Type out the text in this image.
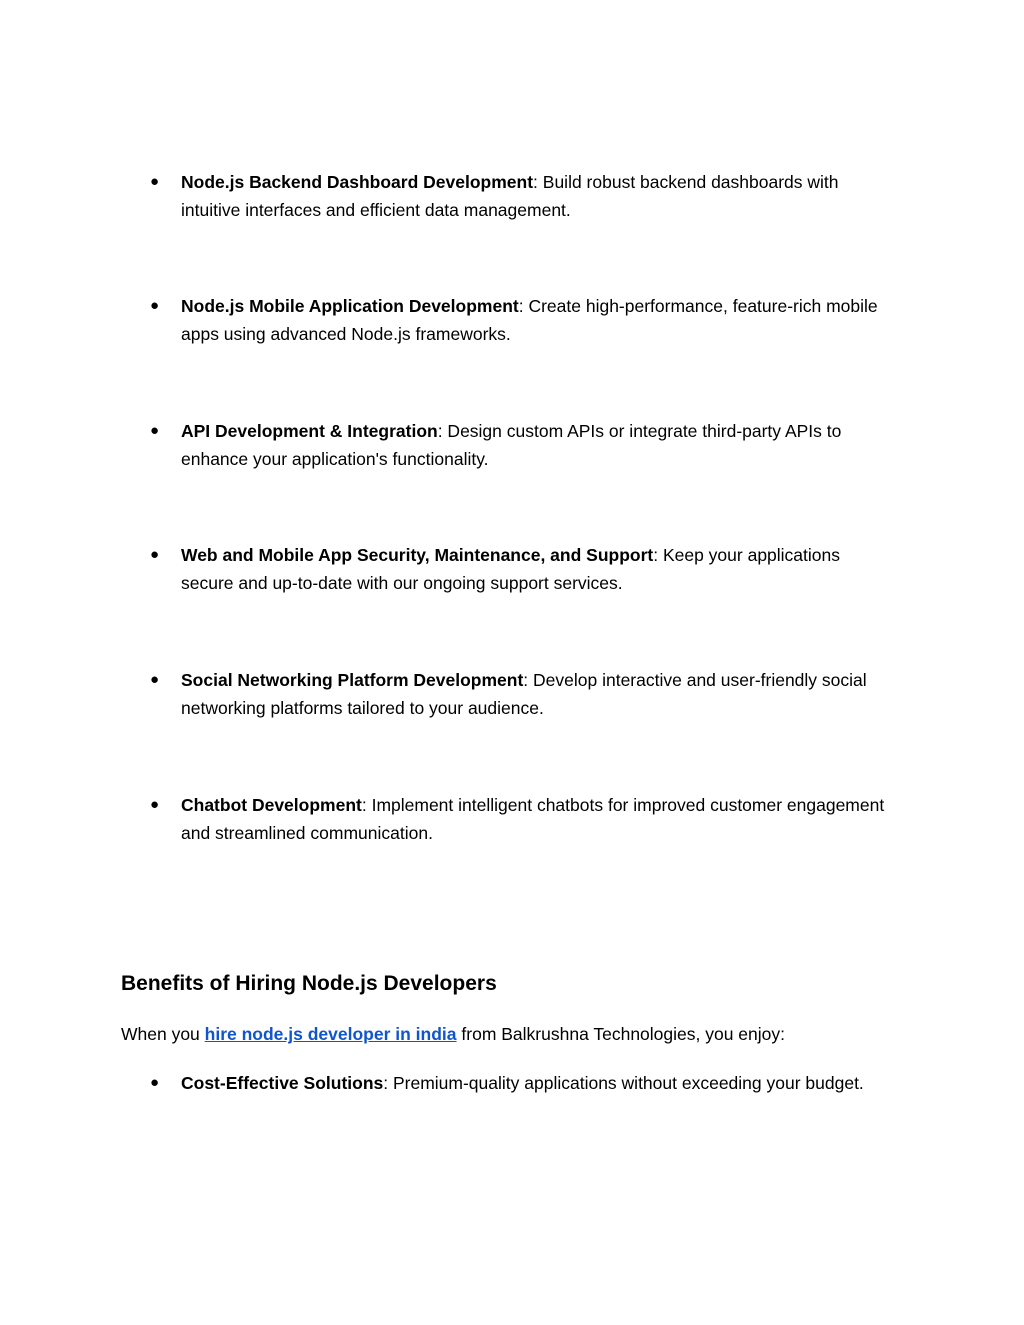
●	Node.js Backend Dashboard Development: Build robust backend dashboards with intuitive interfaces and efficient data management.
●	Node.js Mobile Application Development: Create high-performance, feature-rich mobile apps using advanced Node.js frameworks.
●	API Development & Integration: Design custom APIs or integrate third-party APIs to enhance your application's functionality.
●	Web and Mobile App Security, Maintenance, and Support: Keep your applications secure and up-to-date with our ongoing support services.
●	Social Networking Platform Development: Develop interactive and user-friendly social networking platforms tailored to your audience.
●	Chatbot Development: Implement intelligent chatbots for improved customer engagement and streamlined communication.
Benefits of Hiring Node.js Developers

When you hire node.js developer in india from Balkrushna Technologies, you enjoy:

●	Cost-Effective Solutions: Premium-quality applications without exceeding your budget.
